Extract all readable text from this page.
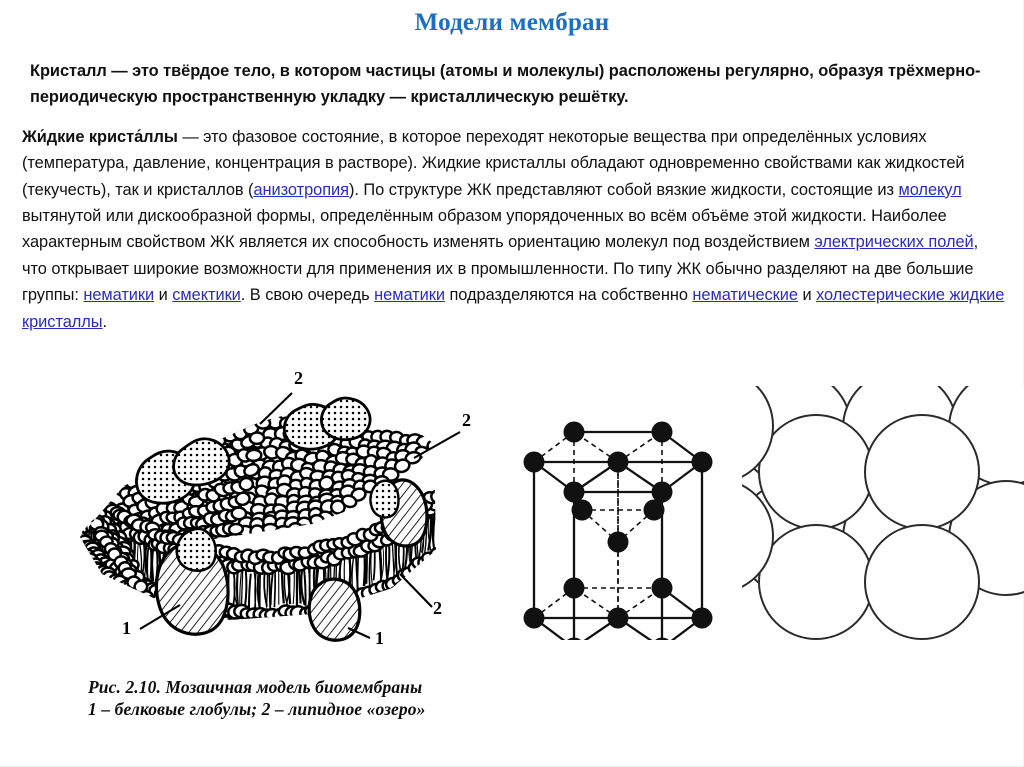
Модели мембран

Кристалл — это твёрдое тело, в котором частицы (атомы и молекулы) расположены регулярно, образуя трёхмерно-периодическую пространственную укладку — кристаллическую решётку.

Жи́дкие криста́ллы — это фазовое состояние, в которое переходят некоторые вещества при определённых условиях (температура, давление, концентрация в растворе). Жидкие кристаллы обладают одновременно свойствами как жидкостей (текучесть), так и кристаллов (анизотропия). По структуре ЖК представляют собой вязкие жидкости, состоящие из молекул вытянутой или дискообразной формы, определённым образом упорядоченных во всём объёме этой жидкости. Наиболее характерным свойством ЖК является их способность изменять ориентацию молекул под воздействием электрических полей, что открывает широкие возможности для применения их в промышленности. По типу ЖК обычно разделяют на две большие группы: нематики и смектики. В свою очередь нематики подразделяются на собственно нематические и холестерические жидкие кристаллы.

2
2
2
1	1
Рис. 2.10. Мозаичная модель биомембраны
1 – белковые глобулы; 2 – липидное «озеро»
